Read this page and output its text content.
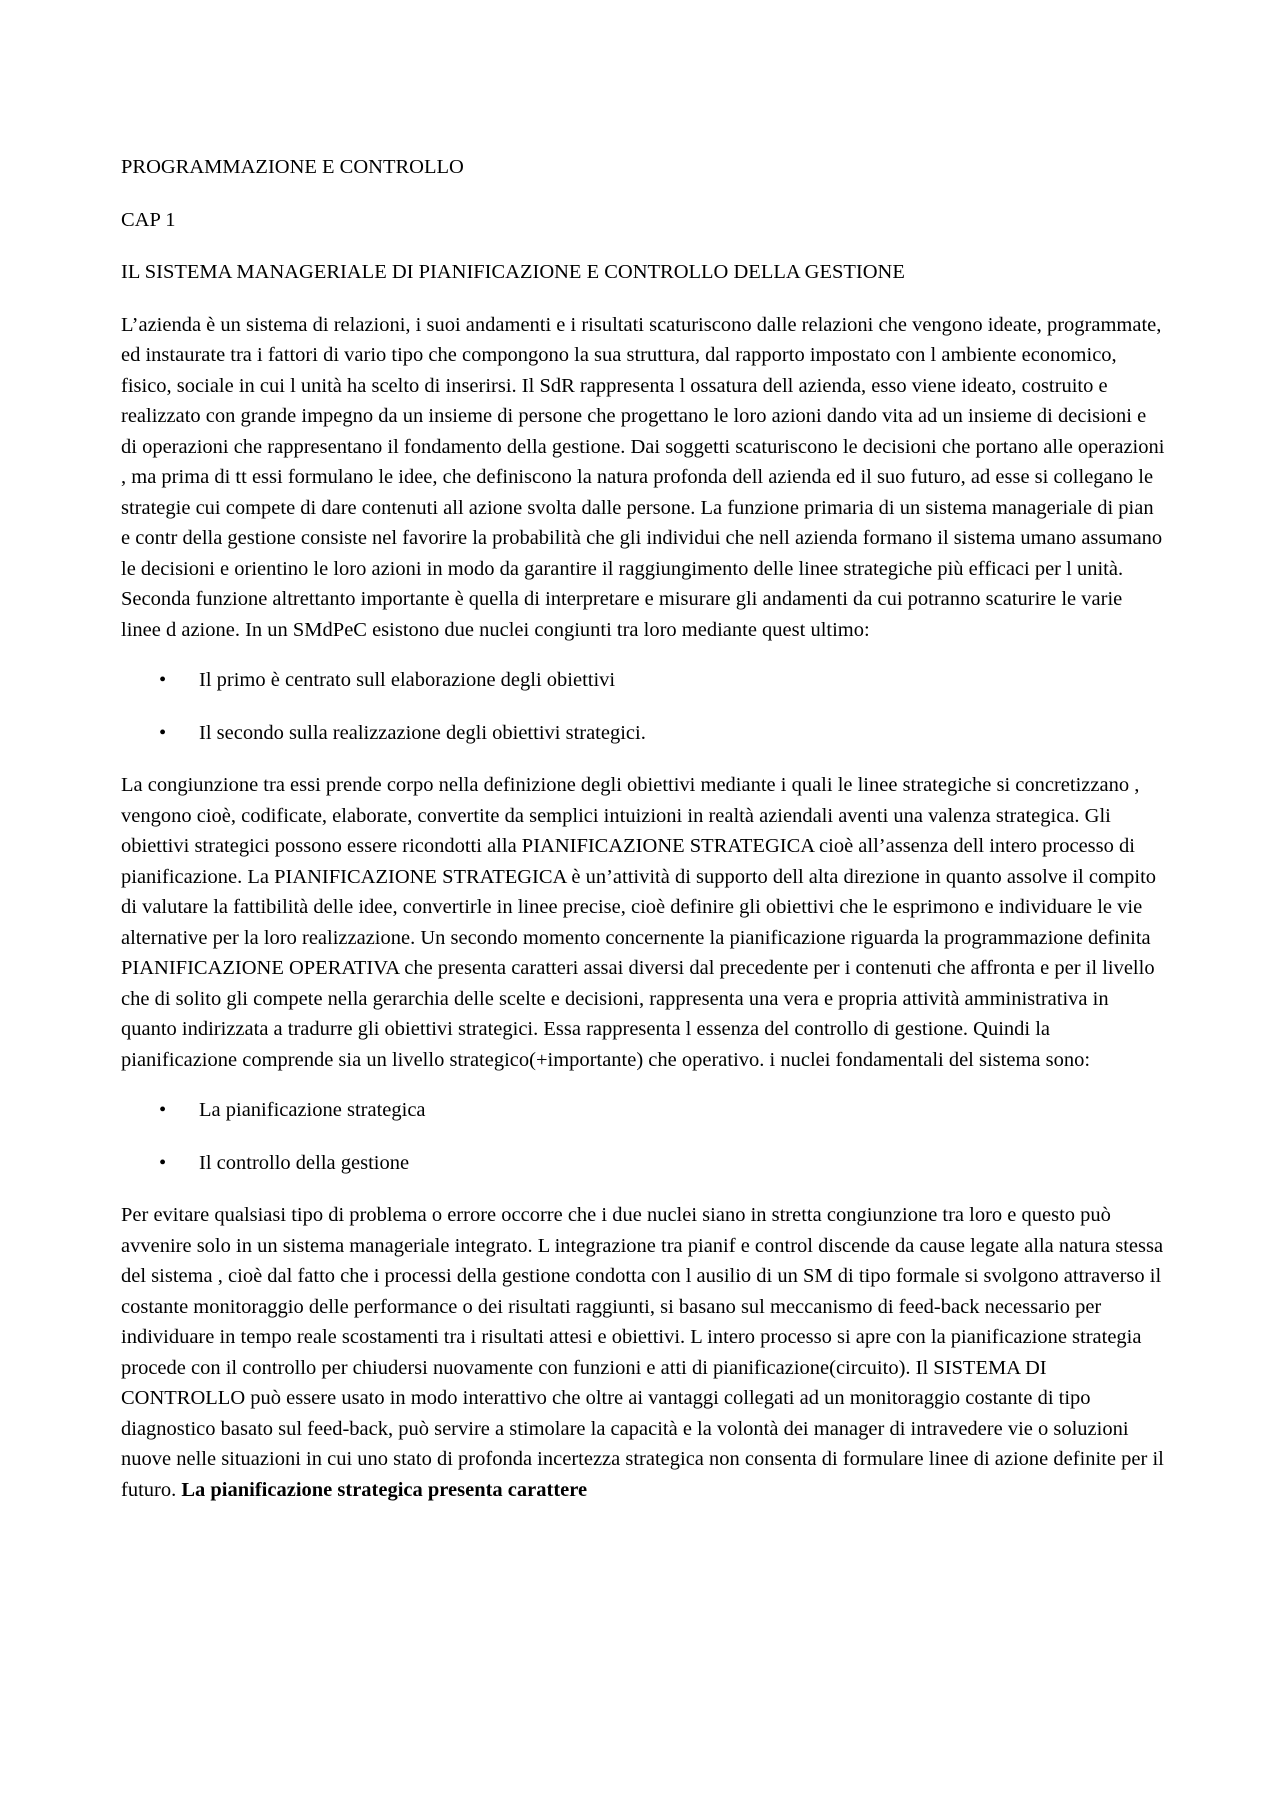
PROGRAMMAZIONE E CONTROLLO
CAP 1
IL SISTEMA MANAGERIALE DI PIANIFICAZIONE E CONTROLLO DELLA GESTIONE

L’azienda è un sistema di relazioni, i suoi andamenti e i risultati scaturiscono dalle relazioni che vengono ideate, programmate, ed instaurate tra i fattori di vario tipo che compongono la sua struttura, dal rapporto impostato con l ambiente economico, fisico, sociale in cui l unità ha scelto di inserirsi. Il SdR rappresenta l ossatura dell azienda, esso viene ideato, costruito e realizzato con grande impegno da un insieme di persone che progettano le loro azioni dando vita ad un insieme di decisioni e di operazioni che rappresentano il fondamento della gestione. Dai soggetti scaturiscono le decisioni che portano alle operazioni , ma prima di tt essi formulano le idee, che definiscono la natura profonda dell azienda ed il suo futuro, ad esse si collegano le strategie cui compete di dare contenuti all azione svolta dalle persone. La funzione primaria di un sistema manageriale di pian e contr della gestione consiste nel favorire la probabilità che gli individui che nell azienda formano il sistema umano assumano le decisioni e orientino le loro azioni in modo da garantire il raggiungimento delle linee strategiche più efficaci per l unità. Seconda funzione altrettanto importante è quella di interpretare e misurare gli andamenti da cui potranno scaturire le varie linee d azione. In un SMdPeC esistono due nuclei congiunti tra loro mediante quest ultimo:

• Il primo è centrato sull elaborazione degli obiettivi
• Il secondo sulla realizzazione degli obiettivi strategici.

La congiunzione tra essi prende corpo nella definizione degli obiettivi mediante i quali le linee strategiche si concretizzano , vengono cioè, codificate, elaborate, convertite da semplici intuizioni in realtà aziendali aventi una valenza strategica. Gli obiettivi strategici possono essere ricondotti alla PIANIFICAZIONE STRATEGICA cioè all’assenza dell intero processo di pianificazione. La PIANIFICAZIONE STRATEGICA è un’attività di supporto dell alta direzione in quanto assolve il compito di valutare la fattibilità delle idee, convertirle in linee precise, cioè definire gli obiettivi che le esprimono e individuare le vie alternative per la loro realizzazione. Un secondo momento concernente la pianificazione riguarda la programmazione definita PIANIFICAZIONE OPERATIVA che presenta caratteri assai diversi dal precedente per i contenuti che affronta e per il livello che di solito gli compete nella gerarchia delle scelte e decisioni, rappresenta una vera e propria attività amministrativa in quanto indirizzata a tradurre gli obiettivi strategici. Essa rappresenta l essenza del controllo di gestione. Quindi la pianificazione comprende sia un livello strategico(+importante) che operativo. i nuclei fondamentali del sistema sono:

• La pianificazione strategica
• Il controllo della gestione

Per evitare qualsiasi tipo di problema o errore occorre che i due nuclei siano in stretta congiunzione tra loro e questo può avvenire solo in un sistema manageriale integrato. L integrazione tra pianif e control discende da cause legate alla natura stessa del sistema , cioè dal fatto che i processi della gestione condotta con l ausilio di un SM di tipo formale si svolgono attraverso il costante monitoraggio delle performance o dei risultati raggiunti, si basano sul meccanismo di feed-back necessario per individuare in tempo reale scostamenti tra i risultati attesi e obiettivi. L intero processo si apre con la pianificazione strategia procede con il controllo per chiudersi nuovamente con funzioni e atti di pianificazione(circuito). Il SISTEMA DI CONTROLLO può essere usato in modo interattivo che oltre ai vantaggi collegati ad un monitoraggio costante di tipo diagnostico basato sul feed-back, può servire a stimolare la capacità e la volontà dei manager di intravedere vie o soluzioni nuove nelle situazioni in cui uno stato di profonda incertezza strategica non consenta di formulare linee di azione definite per il futuro. La pianificazione strategica presenta carattere
